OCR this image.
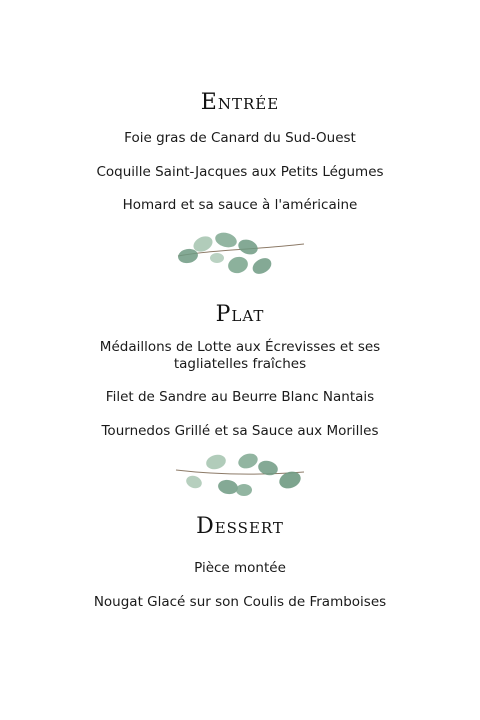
Entrée
Foie gras de Canard du Sud-Ouest
Coquille Saint-Jacques aux Petits Légumes
Homard et sa sauce à l'américaine
Plat
Médaillons de Lotte aux Écrevisses et ses tagliatelles fraîches
Filet de Sandre au Beurre Blanc Nantais
Tournedos Grillé et sa Sauce aux Morilles
Dessert
Pièce montée
Nougat Glacé sur son Coulis de Framboises
